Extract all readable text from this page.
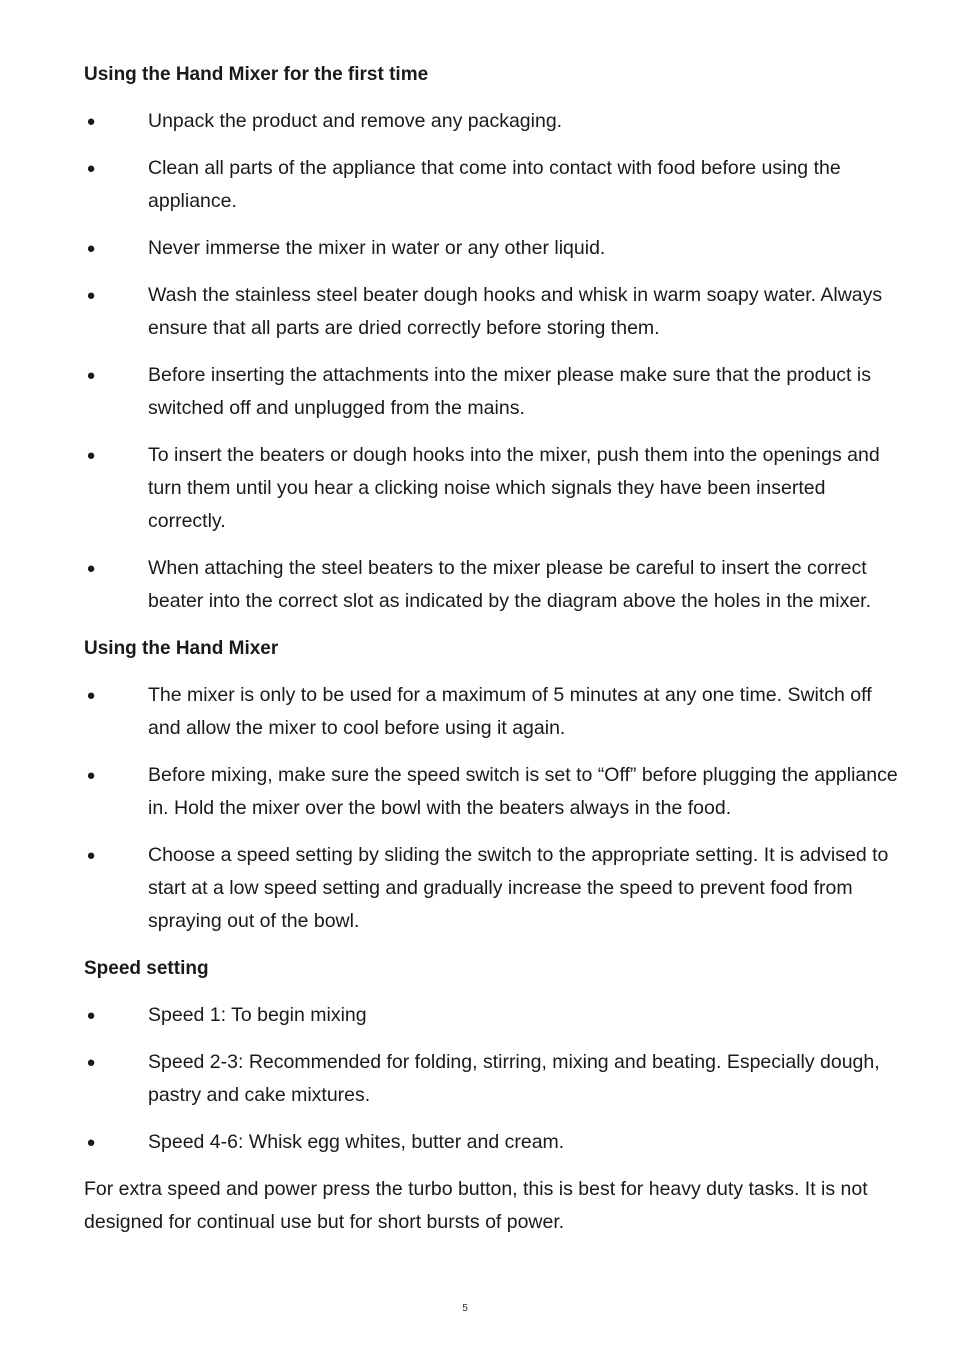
Using the Hand Mixer for the first time
●	Unpack the product and remove any packaging.
●	Clean all parts of the appliance that come into contact with food before using the appliance.
●	Never immerse the mixer in water or any other liquid.
●	Wash the stainless steel beater dough hooks and whisk in warm soapy water. Always ensure that all parts are dried correctly before storing them.
●	Before inserting the attachments into the mixer please make sure that the product is switched off and unplugged from the mains.
●	To insert the beaters or dough hooks into the mixer, push them into the openings and turn them until you hear a clicking noise which signals they have been inserted correctly.
●	When attaching the steel beaters to the mixer please be careful to insert the correct beater into the correct slot as indicated by the diagram above the holes in the mixer.
Using the Hand Mixer
●	The mixer is only to be used for a maximum of 5 minutes at any one time. Switch off and allow the mixer to cool before using it again.
●	Before mixing, make sure the speed switch is set to “Off” before plugging the appliance in. Hold the mixer over the bowl with the beaters always in the food.
●	Choose a speed setting by sliding the switch to the appropriate setting. It is advised to start at a low speed setting and gradually increase the speed to prevent food from spraying out of the bowl.
Speed setting
●	Speed 1: To begin mixing
●	Speed 2-3: Recommended for folding, stirring, mixing and beating. Especially dough, pastry and cake mixtures.
●	Speed 4-6: Whisk egg whites, butter and cream.

For extra speed and power press the turbo button, this is best for heavy duty tasks. It is not designed for continual use but for short bursts of power.

5
